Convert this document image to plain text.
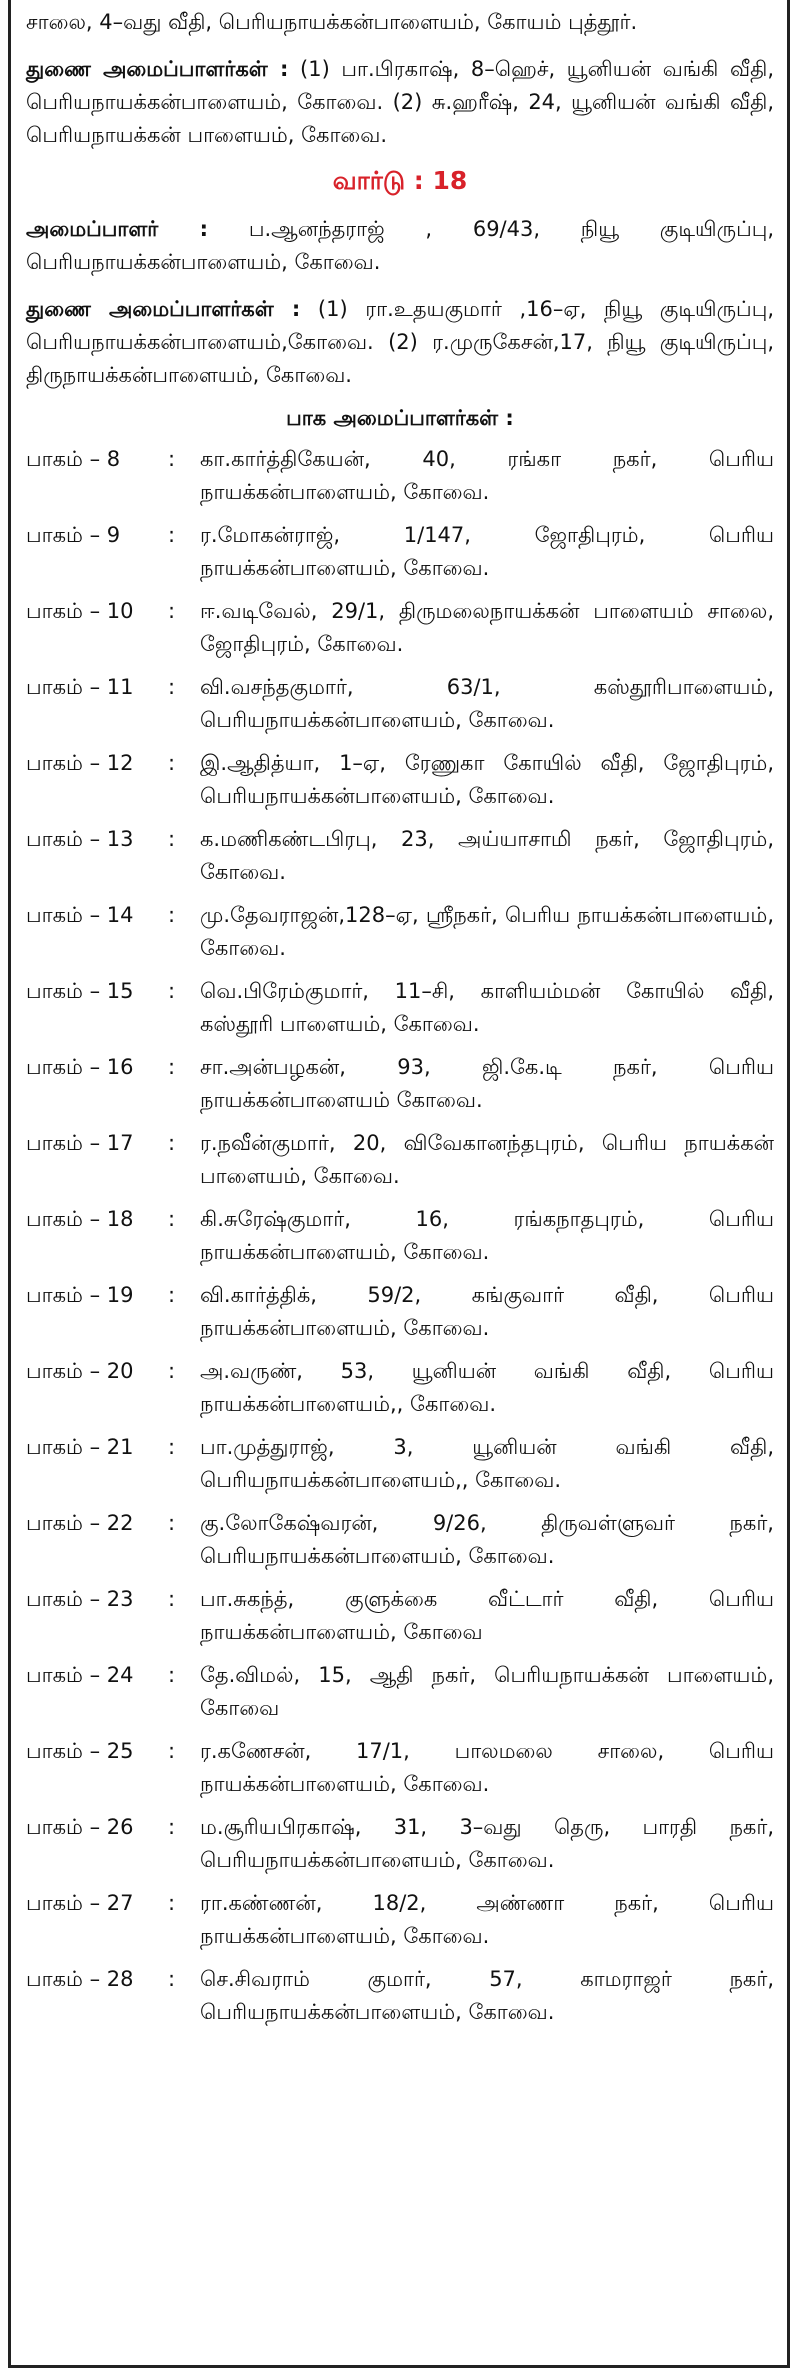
சாலை, 4–வது வீதி, பெரியநாயக்கன்பாளையம், கோயம் புத்தூர்.

துணை அமைப்பாளர்கள் : (1) பா.பிரகாஷ், 8–ஹெச், யூனியன் வங்கி வீதி, பெரியநாயக்கன்பாளையம், கோவை. (2) சு.ஹரீஷ், 24, யூனியன் வங்கி வீதி, பெரியநாயக்கன் பாளையம், கோவை.

வார்டு : 18

அமைப்பாளர் : ப.ஆனந்தராஜ் , 69/43, நியூ குடியிருப்பு, பெரியநாயக்கன்பாளையம், கோவை.

துணை அமைப்பாளர்கள் : (1) ரா.உதயகுமார் ,16–ஏ, நியூ குடியிருப்பு, பெரியநாயக்கன்பாளையம்,கோவை. (2) ர.முருகேசன்,17, நியூ குடியிருப்பு, திருநாயக்கன்பாளையம், கோவை.

பாக அமைப்பாளர்கள் :
பாகம் – 8	:	கா.கார்த்திகேயன், 40, ரங்கா நகர், பெரிய நாயக்கன்பாளையம், கோவை.
பாகம் – 9	:	ர.மோகன்ராஜ், 1/147, ஜோதிபுரம், பெரிய நாயக்கன்பாளையம், கோவை.
பாகம் – 10	:	ஈ.வடிவேல், 29/1, திருமலைநாயக்கன் பாளையம் சாலை, ஜோதிபுரம், கோவை.
பாகம் – 11	:	வி.வசந்தகுமார், 63/1, கஸ்தூரிபாளையம், பெரியநாயக்கன்பாளையம், கோவை.
பாகம் – 12	:	இ.ஆதித்யா, 1–ஏ, ரேணுகா கோயில் வீதி, ஜோதிபுரம், பெரியநாயக்கன்பாளையம், கோவை.
பாகம் – 13	:	க.மணிகண்டபிரபு, 23, அய்யாசாமி நகர், ஜோதிபுரம், கோவை.
பாகம் – 14	:	மு.தேவராஜன்,128–ஏ, ஸ்ரீநகர், பெரிய நாயக்கன்பாளையம், கோவை.
பாகம் – 15	:	வெ.பிரேம்குமார், 11–சி, காளியம்மன் கோயில் வீதி, கஸ்தூரி பாளையம், கோவை.
பாகம் – 16	:	சா.அன்பழகன், 93, ஜி.கே.டி நகர், பெரிய நாயக்கன்பாளையம் கோவை.
பாகம் – 17	:	ர.நவீன்குமார், 20, விவேகானந்தபுரம், பெரிய நாயக்கன் பாளையம், கோவை.
பாகம் – 18	:	கி.சுரேஷ்குமார், 16, ரங்கநாதபுரம், பெரிய நாயக்கன்பாளையம், கோவை.
பாகம் – 19	:	வி.கார்த்திக், 59/2, கங்குவார் வீதி, பெரிய நாயக்கன்பாளையம், கோவை.
பாகம் – 20	:	அ.வருண், 53, யூனியன் வங்கி வீதி, பெரிய நாயக்கன்பாளையம்,, கோவை.
பாகம் – 21	:	பா.முத்துராஜ், 3, யூனியன் வங்கி வீதி, பெரியநாயக்கன்பாளையம்,, கோவை.
பாகம் – 22	:	கு.லோகேஷ்வரன், 9/26, திருவள்ளுவர் நகர், பெரியநாயக்கன்பாளையம், கோவை.
பாகம் – 23	:	பா.சுகந்த், குளுக்கை வீட்டார் வீதி, பெரிய நாயக்கன்பாளையம், கோவை
பாகம் – 24	:	தே.விமல், 15, ஆதி நகர், பெரியநாயக்கன் பாளையம், கோவை
பாகம் – 25	:	ர.கணேசன், 17/1, பாலமலை சாலை, பெரிய நாயக்கன்பாளையம், கோவை.
பாகம் – 26	:	ம.சூரியபிரகாஷ், 31, 3–வது தெரு, பாரதி நகர், பெரியநாயக்கன்பாளையம், கோவை.
பாகம் – 27	:	ரா.கண்ணன், 18/2, அண்ணா நகர், பெரிய நாயக்கன்பாளையம், கோவை.
பாகம் – 28	:	செ.சிவராம் குமார், 57, காமராஜர் நகர், பெரியநாயக்கன்பாளையம், கோவை.
